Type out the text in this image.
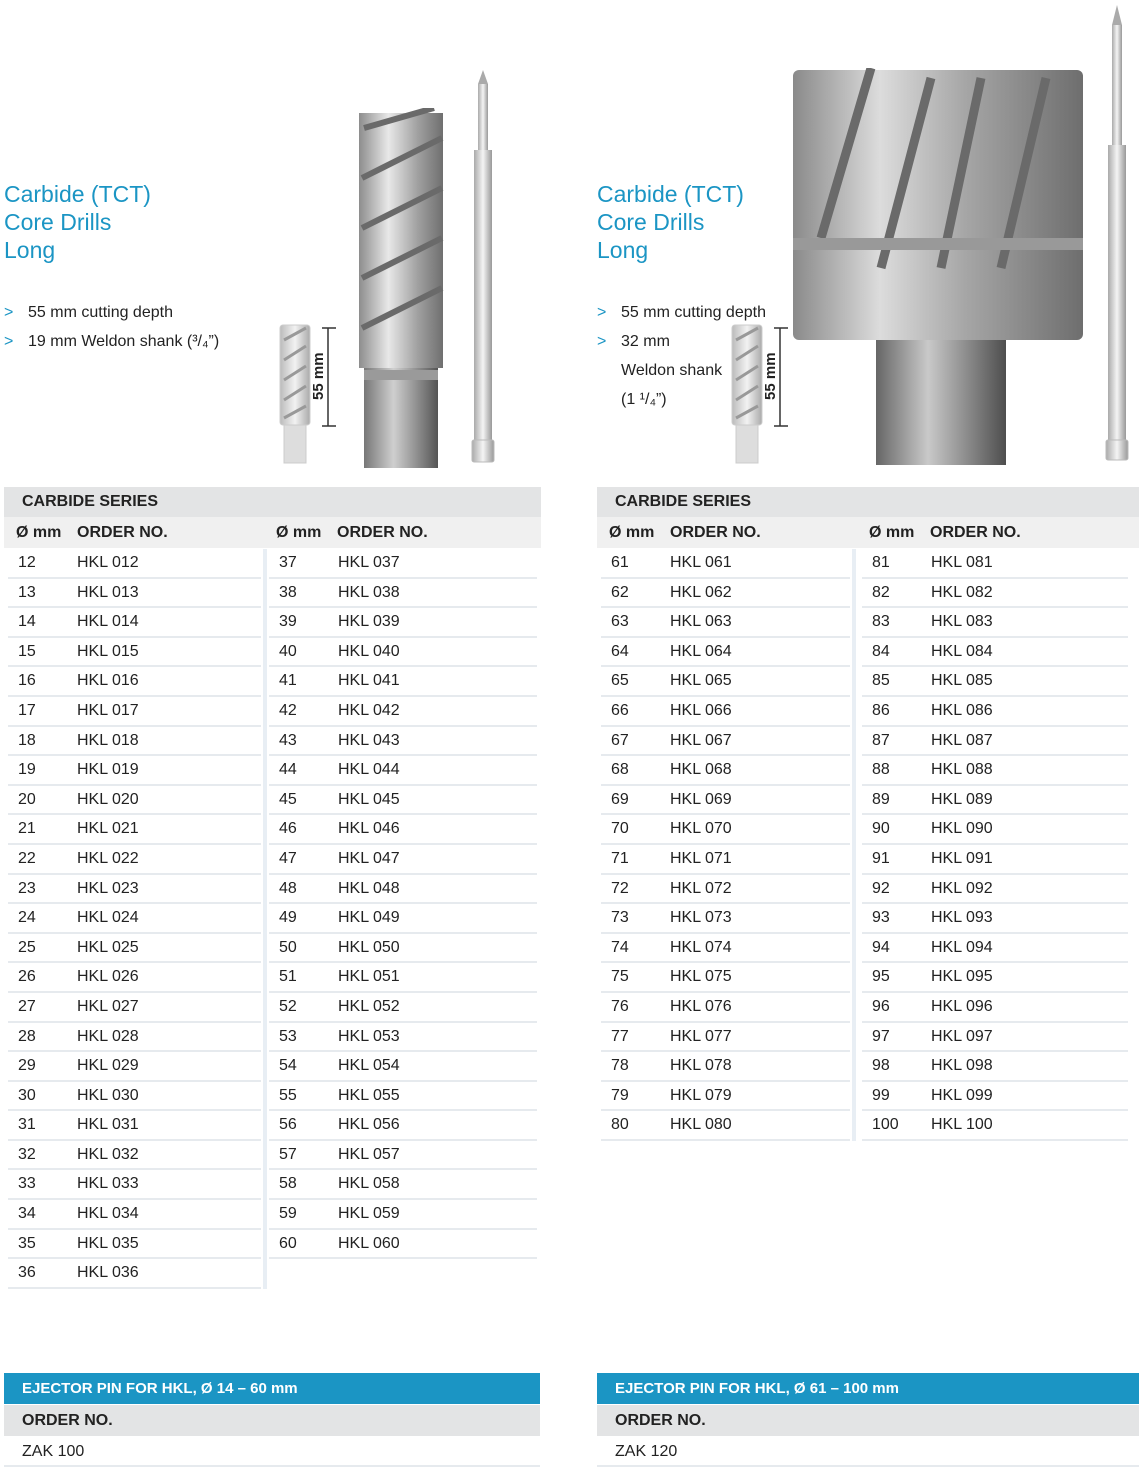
Carbide (TCT)
Core Drills
Long
> 55 mm cutting depth
> 19 mm Weldon shank (³/₄”)
55 mm
CARBIDE SERIES
Ø mm ORDER NO.	Ø mm ORDER NO.
12	HKL 012
13	HKL 013
14	HKL 014
15	HKL 015
16	HKL 016
17	HKL 017
18	HKL 018
19	HKL 019
20	HKL 020
21	HKL 021
22	HKL 022
23	HKL 023
24	HKL 024
25	HKL 025
26	HKL 026
27	HKL 027
28	HKL 028
29	HKL 029
30	HKL 030
31	HKL 031
32	HKL 032
33	HKL 033
34	HKL 034
35	HKL 035
36	HKL 036
37	HKL 037
38	HKL 038
39	HKL 039
40	HKL 040
41	HKL 041
42	HKL 042
43	HKL 043
44	HKL 044
45	HKL 045
46	HKL 046
47	HKL 047
48	HKL 048
49	HKL 049
50	HKL 050
51	HKL 051
52	HKL 052
53	HKL 053
54	HKL 054
55	HKL 055
56	HKL 056
57	HKL 057
58	HKL 058
59	HKL 059
60	HKL 060
EJECTOR PIN FOR HKL, Ø 14 – 60 mm
ORDER NO.
ZAK 100
Carbide (TCT)
Core Drills
Long
> 55 mm cutting depth
> 32 mm
Weldon shank
(1 ¹/₄”)	55 mm
CARBIDE SERIES
Ø mm ORDER NO.	Ø mm ORDER NO.
61	HKL 061
62	HKL 062
63	HKL 063
64	HKL 064
65	HKL 065
66	HKL 066
67	HKL 067
68	HKL 068
69	HKL 069
70	HKL 070
71	HKL 071
72	HKL 072
73	HKL 073
74	HKL 074
75	HKL 075
76	HKL 076
77	HKL 077
78	HKL 078
79	HKL 079
80	HKL 080
81	HKL 081
82	HKL 082
83	HKL 083
84	HKL 084
85	HKL 085
86	HKL 086
87	HKL 087
88	HKL 088
89	HKL 089
90	HKL 090
91	HKL 091
92	HKL 092
93	HKL 093
94	HKL 094
95	HKL 095
96	HKL 096
97	HKL 097
98	HKL 098
99	HKL 099
100 HKL 100
EJECTOR PIN FOR HKL, Ø 61 – 100 mm
ORDER NO.
ZAK 120
